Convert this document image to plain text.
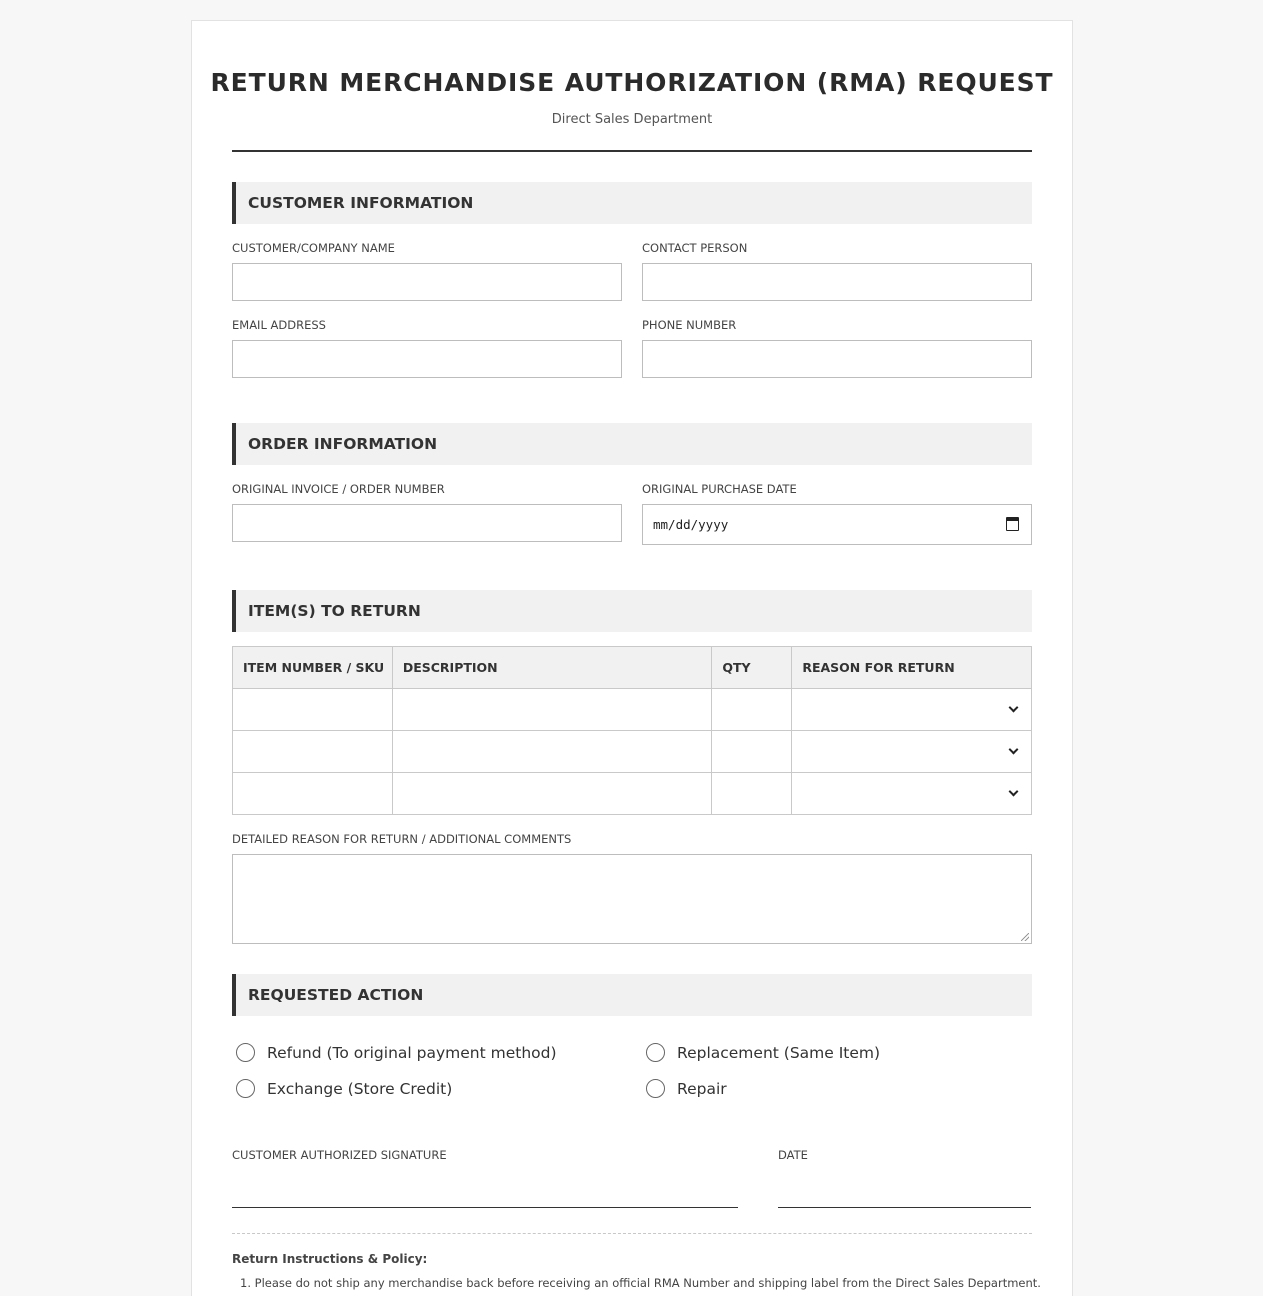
RETURN MERCHANDISE AUTHORIZATION (RMA) REQUEST
Direct Sales Department
CUSTOMER INFORMATION
CUSTOMER/COMPANY NAME	CONTACT PERSON
EMAIL ADDRESS	PHONE NUMBER
ORDER INFORMATION
ORIGINAL INVOICE / ORDER NUMBER	ORIGINAL PURCHASE DATE
mm/dd/yyyy
ITEM(S) TO RETURN
ITEM NUMBER / SKU	DESCRIPTION	QTY	REASON FOR RETURN

DETAILED REASON FOR RETURN / ADDITIONAL COMMENTS
REQUESTED ACTION
Refund (To original payment method)	Replacement (Same Item)
Exchange (Store Credit)	Repair
CUSTOMER AUTHORIZED SIGNATURE	DATE
Return Instructions & Policy:
1. Please do not ship any merchandise back before receiving an official RMA Number and shipping label from the Direct Sales Department.
